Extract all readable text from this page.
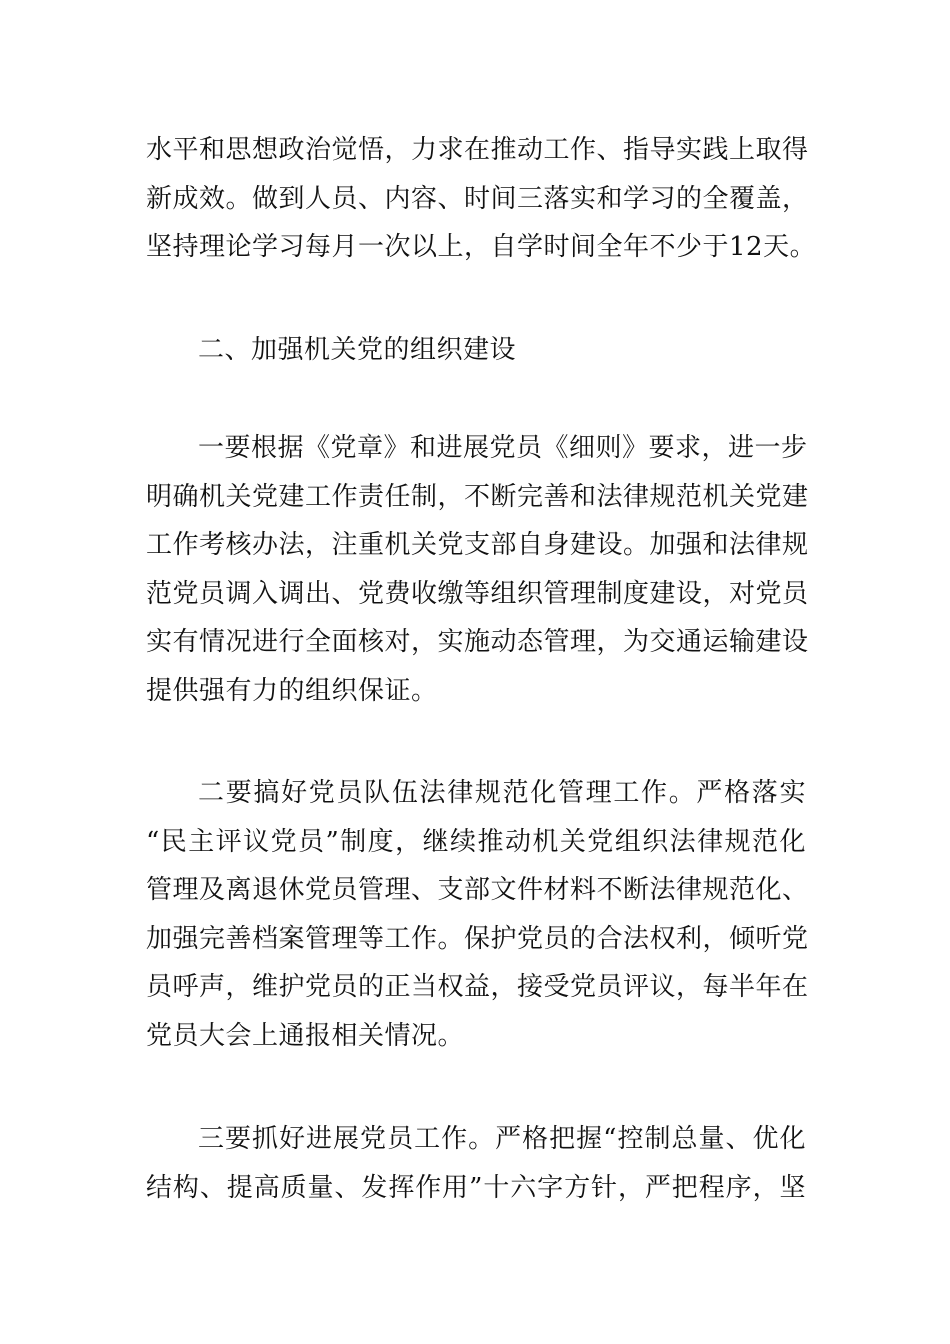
水平和思想政治觉悟，力求在推动工作、指导实践上取得
新成效。做到人员、内容、时间三落实和学习的全覆盖，
坚持理论学习每月一次以上，自学时间全年不少于12天。
二、加强机关党的组织建设
一要根据《党章》和进展党员《细则》要求，进一步
明确机关党建工作责任制，不断完善和法律规范机关党建
工作考核办法，注重机关党支部自身建设。加强和法律规
范党员调入调出、党费收缴等组织管理制度建设，对党员
实有情况进行全面核对，实施动态管理，为交通运输建设
提供强有力的组织保证。
二要搞好党员队伍法律规范化管理工作。严格落实
“民主评议党员”制度，继续推动机关党组织法律规范化
管理及离退休党员管理、支部文件材料不断法律规范化、
加强完善档案管理等工作。保护党员的合法权利，倾听党
员呼声，维护党员的正当权益，接受党员评议，每半年在
党员大会上通报相关情况。
三要抓好进展党员工作。严格把握“控制总量、优化
结构、提高质量、发挥作用”十六字方针，严把程序，坚
